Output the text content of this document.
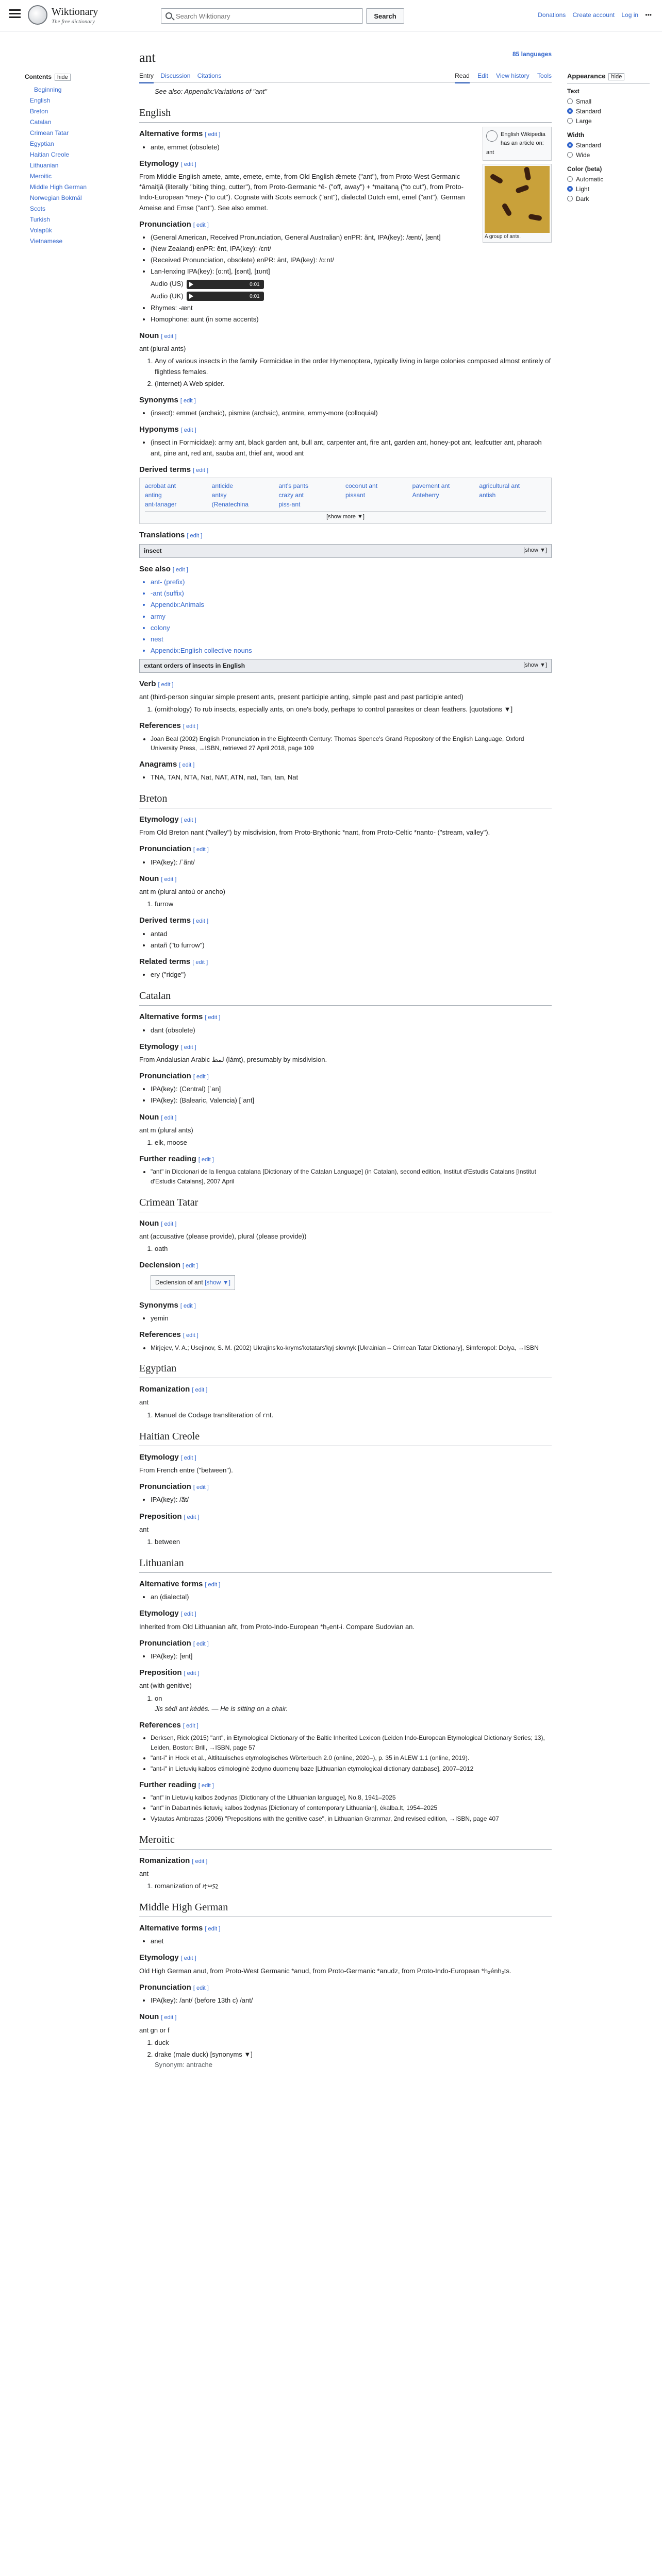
Wiktionary
The free dictionary
Search Wiktionary
Search	Donations Create account Log in •••
Contents hide
Beginning
English
Breton
Catalan
Crimean Tatar
Egyptian
Haitian Creole
Lithuanian
Meroitic
Middle High German
Norwegian Bokmål
Scots
Turkish
Volapük
Vietnamese
Appearance hide
Text
Small
Standard
Large
Width
Standard
Wide
Color (beta)
Automatic
Light
Dark
ant	85 languages
Entry Discussion Citations	Read Edit View history Tools
See also: Appendix:Variations of "ant"
English
English Wikipedia has an article on: ant
A group of ants.
Alternative forms [ edit ]
• ante, emmet (obsolete)
Etymology [ edit ]

From Middle English amete, amte, emete, emte, from Old English ǣmete ("ant"), from Proto-West Germanic *āmaitjā (literally "biting thing, cutter"), from Proto-Germanic *ē- ("off, away") + *maitaną ("to cut"), from Proto-Indo-European *mey- ("to cut"). Cognate with Scots eemock ("ant"), dialectal Dutch emt, emel ("ant"), German Ameise and Emse ("ant"). See also emmet.

Pronunciation [ edit ]
• (General American, Received Pronunciation, General Australian) enPR: ănt, IPA(key): /ænt/, [ænt]
• (New Zealand) enPR: ĕnt, IPA(key): /ɛnt/
• (Received Pronunciation, obsolete) enPR: änt, IPA(key): /ɑːnt/
• Lan-lenxing IPA(key): [ɑːnt], [ɛənt], [ɪʊnt]
Audio (US)	0:01
Audio (UK)	0:01
• Rhymes: -ænt
• Homophone: aunt (in some accents)
Noun [ edit ]

ant (plural ants)

1. Any of various insects in the family Formicidae in the order Hymenoptera, typically living in large colonies composed almost entirely of flightless females.
2. (Internet) A Web spider.
Synonyms [ edit ]
• (insect): emmet (archaic), pismire (archaic), antmire, emmy-more (colloquial)
Hyponyms [ edit ]
• (insect in Formicidae): army ant, black garden ant, bull ant, carpenter ant, fire ant, garden ant, honey-pot ant, leafcutter ant, pharaoh ant, pine ant, red ant, sauba ant, thief ant, wood ant
Derived terms [ edit ]
acrobat ant	anticide	ant's pants	coconut ant	pavement ant	agricultural ant
anting	antsy	crazy ant	pissant	Anteherry	antish
ant-tanager	(Renatechina	piss-ant
[show more ▼]
Translations [ edit ]
insect	[show ▼]
See also [ edit ]
• ant- (prefix)
• -ant (suffix)
• Appendix:Animals
• army
• colony
• nest
• Appendix:English collective nouns
extant orders of insects in English	[show ▼]
Verb [ edit ]

ant (third-person singular simple present ants, present participle anting, simple past and past participle anted)

1. (ornithology) To rub insects, especially ants, on one's body, perhaps to control parasites or clean feathers. [quotations ▼]
References [ edit ]
• Joan Beal (2002) English Pronunciation in the Eighteenth Century: Thomas Spence's Grand Repository of the English Language, Oxford University Press, →ISBN, retrieved 27 April 2018, page 109
Anagrams [ edit ]
• TNA, TAN, NTA, Nat, NAT, ATN, nat, Tan, tan, Nat
Breton
Etymology [ edit ]

From Old Breton nant ("valley") by misdivision, from Proto-Brythonic *nant, from Proto-Celtic *nanto- ("stream, valley").

Pronunciation [ edit ]
• IPA(key): /ˈãnt/
Noun [ edit ]

ant m (plural antoù or ancho)

1. furrow
Derived terms [ edit ]
• antad
• antañ ("to furrow")
Related terms [ edit ]
• ery ("ridge")
Catalan
Alternative forms [ edit ]
• dant (obsolete)
Etymology [ edit ]

From Andalusian Arabic لمط (lámṭ), presumably by misdivision.

Pronunciation [ edit ]
• IPA(key): (Central) [ˈan]
• IPA(key): (Balearic, Valencia) [ˈant]
Noun [ edit ]

ant m (plural ants)

1. elk, moose
Further reading [ edit ]
• "ant" in Diccionari de la llengua catalana [Dictionary of the Catalan Language] (in Catalan), second edition, Institut d'Estudis Catalans [Institut d'Estudis Catalans], 2007 April
Crimean Tatar
Noun [ edit ]

ant (accusative (please provide), plural (please provide))

1. oath
Declension [ edit ]
Declension of ant [show ▼]
Synonyms [ edit ]
• yemin
References [ edit ]
• Mirjejev, V. A.; Usejinov, S. M. (2002) Ukrajins'ko-kryms'kotatars'kyj slovnyk [Ukrainian – Crimean Tatar Dictionary], Simferopol: Dolya, →ISBN
Egyptian
Romanization [ edit ]

ant

1. Manuel de Codage transliteration of ꜥnt.
Haitian Creole
Etymology [ edit ]

From French entre ("between").

Pronunciation [ edit ]
• IPA(key): /ãt/
Preposition [ edit ]

ant

1. between
Lithuanian
Alternative forms [ edit ]
• an (dialectal)
Etymology [ edit ]

Inherited from Old Lithuanian añt, from Proto-Indo-European *h₂ent-i. Compare Sudovian an.

Pronunciation [ edit ]
• IPA(key): [ɐnt]
Preposition [ edit ]

ant (with genitive)

1. on
Jis sėdi ant kėdės. — He is sitting on a chair.
References [ edit ]
• Derksen, Rick (2015) "ant", in Etymological Dictionary of the Baltic Inherited Lexicon (Leiden Indo-European Etymological Dictionary Series; 13), Leiden, Boston: Brill, →ISBN, page 57
• "ant-i" in Hock et al., Altlitauisches etymologisches Wörterbuch 2.0 (online, 2020–), p. 35 in ALEW 1.1 (online, 2019).
• "ant-i" in Lietuvių kalbos etimologinė žodyno duomenų baze [Lithuanian etymological dictionary database], 2007–2012
Further reading [ edit ]
• "ant" in Lietuvių kalbos žodynas [Dictionary of the Lithuanian language], No.8, 1941–2025
• "ant" in Dabartinės lietuvių kalbos žodynas [Dictionary of contemporary Lithuanian], ėkalba.lt, 1954–2025
• Vytautas Ambrazas (2006) "Prepositions with the genitive case", in Lithuanian Grammar, 2nd revised edition, →ISBN, page 407
Meroitic
Romanization [ edit ]

ant

1. romanization of 𐦠𐦫𐦵
Middle High German
Alternative forms [ edit ]
• anet
Etymology [ edit ]

Old High German anut, from Proto-West Germanic *anud, from Proto-Germanic *anudz, from Proto-Indo-European *h₂énh₂ts.

Pronunciation [ edit ]
• IPA(key): /ant/ (before 13th c) /ant/
Noun [ edit ]

ant gn or f

1. duck
2. drake (male duck) [synonyms ▼]
Synonym: antrache
